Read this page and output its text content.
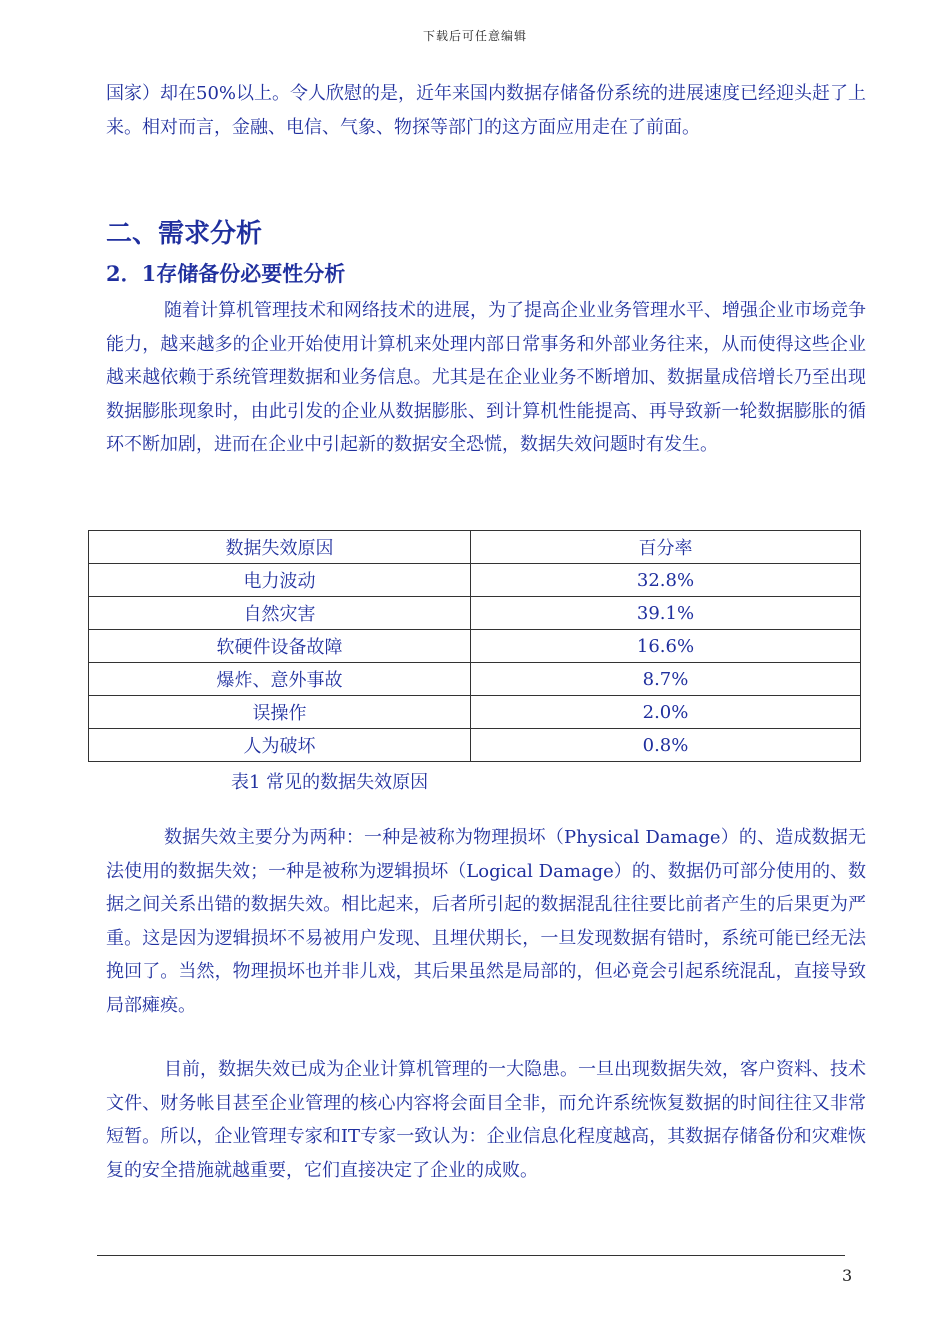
下载后可任意编辑

国家）却在50%以上。令人欣慰的是，近年来国内数据存储备份系统的进展速度已经迎头赶了上来。相对而言，金融、电信、气象、物探等部门的这方面应用走在了前面。

二、需求分析
2．1存储备份必要性分析

随着计算机管理技术和网络技术的进展，为了提高企业业务管理水平、增强企业市场竞争能力，越来越多的企业开始使用计算机来处理内部日常事务和外部业务往来，从而使得这些企业越来越依赖于系统管理数据和业务信息。尤其是在企业业务不断增加、数据量成倍增长乃至出现数据膨胀现象时，由此引发的企业从数据膨胀、到计算机性能提高、再导致新一轮数据膨胀的循环不断加剧，进而在企业中引起新的数据安全恐慌，数据失效问题时有发生。

数据失效原因	百分率
电力波动	32.8%
自然灾害	39.1%
软硬件设备故障	16.6%
爆炸、意外事故	8.7%
误操作	2.0%
人为破坏	0.8%
表1 常见的数据失效原因

数据失效主要分为两种：一种是被称为物理损坏（Physical Damage）的、造成数据无法使用的数据失效；一种是被称为逻辑损坏（Logical Damage）的、数据仍可部分使用的、数据之间关系出错的数据失效。相比起来，后者所引起的数据混乱往往要比前者产生的后果更为严重。这是因为逻辑损坏不易被用户发现、且埋伏期长，一旦发现数据有错时，系统可能已经无法挽回了。当然，物理损坏也并非儿戏，其后果虽然是局部的，但必竟会引起系统混乱，直接导致局部瘫痪。

目前，数据失效已成为企业计算机管理的一大隐患。一旦出现数据失效，客户资料、技术文件、财务帐目甚至企业管理的核心内容将会面目全非，而允许系统恢复数据的时间往往又非常短暂。所以，企业管理专家和IT专家一致认为：企业信息化程度越高，其数据存储备份和灾难恢复的安全措施就越重要，它们直接决定了企业的成败。

3
